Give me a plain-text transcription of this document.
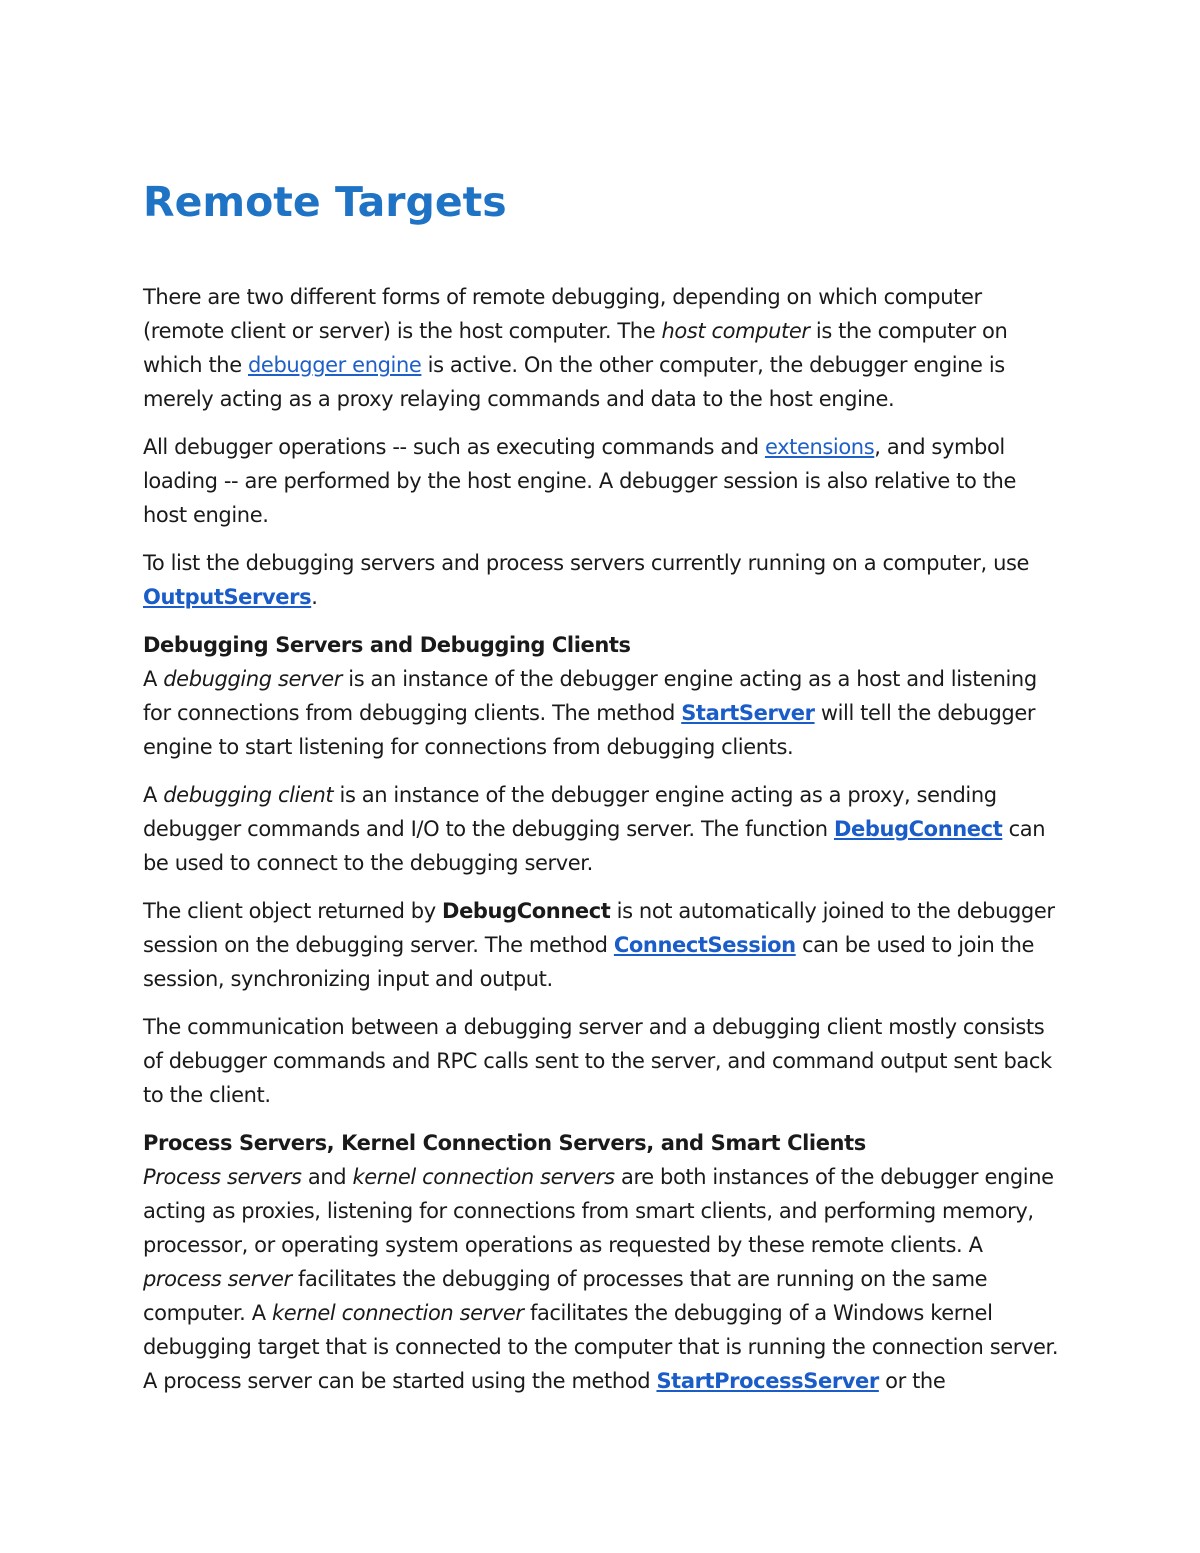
Remote Targets

There are two different forms of remote debugging, depending on which computer (remote client or server) is the host computer. The host computer is the computer on which the debugger engine is active. On the other computer, the debugger engine is merely acting as a proxy relaying commands and data to the host engine.

All debugger operations -- such as executing commands and extensions, and symbol loading -- are performed by the host engine. A debugger session is also relative to the host engine.

To list the debugging servers and process servers currently running on a computer, use OutputServers.

Debugging Servers and Debugging Clients

A debugging server is an instance of the debugger engine acting as a host and listening for connections from debugging clients. The method StartServer will tell the debugger engine to start listening for connections from debugging clients.

A debugging client is an instance of the debugger engine acting as a proxy, sending debugger commands and I/O to the debugging server. The function DebugConnect can be used to connect to the debugging server.

The client object returned by DebugConnect is not automatically joined to the debugger session on the debugging server. The method ConnectSession can be used to join the session, synchronizing input and output.

The communication between a debugging server and a debugging client mostly consists of debugger commands and RPC calls sent to the server, and command output sent back to the client.

Process Servers, Kernel Connection Servers, and Smart Clients

Process servers and kernel connection servers are both instances of the debugger engine acting as proxies, listening for connections from smart clients, and performing memory, processor, or operating system operations as requested by these remote clients. A process server facilitates the debugging of processes that are running on the same computer. A kernel connection server facilitates the debugging of a Windows kernel debugging target that is connected to the computer that is running the connection server. A process server can be started using the method StartProcessServer or the
